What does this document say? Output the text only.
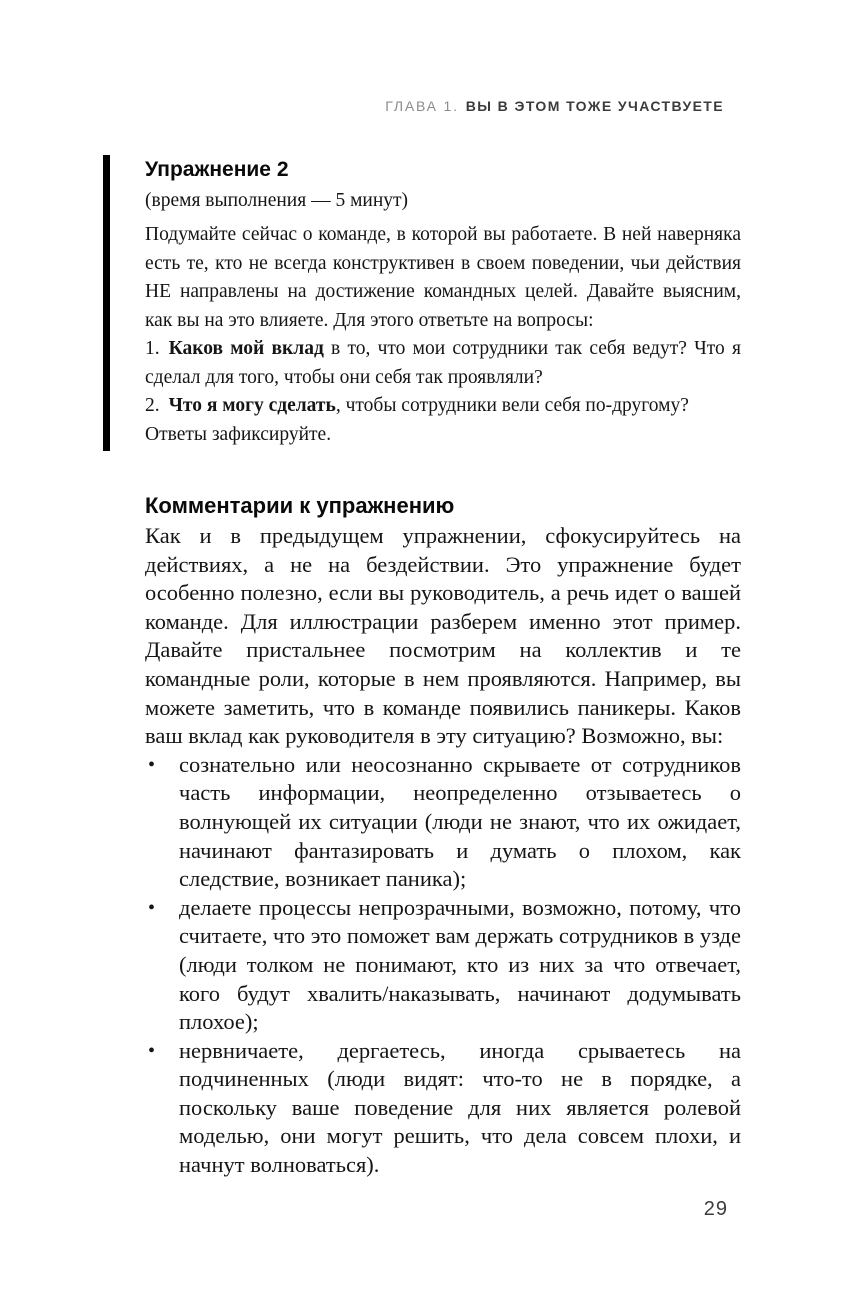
ГЛАВА 1. ВЫ В ЭТОМ ТОЖЕ УЧАСТВУЕТЕ
Упражнение 2

(время выполнения — 5 минут)

Подумайте сейчас о команде, в которой вы работаете. В ней наверняка есть те, кто не всегда конструктивен в своем поведении, чьи действия НЕ направлены на достижение командных целей. Давайте выясним, как вы на это влияете. Для этого ответьте на вопросы:

1. Каков мой вклад в то, что мои сотрудники так себя ведут? Что я сделал для того, чтобы они себя так проявляли?

2. Что я могу сделать, чтобы сотрудники вели себя по-другому?

Ответы зафиксируйте.

Комментарии к упражнению

Как и в предыдущем упражнении, сфокусируйтесь на действиях, а не на бездействии. Это упражнение будет особенно полезно, если вы руководитель, а речь идет о вашей команде. Для иллюстрации разберем именно этот пример. Давайте пристальнее посмотрим на коллектив и те командные роли, которые в нем проявляются. Например, вы можете заметить, что в команде появились паникеры. Каков ваш вклад как руководителя в эту ситуацию? Возможно, вы:

• сознательно или неосознанно скрываете от сотрудников часть информации, неопределенно отзываетесь о волнующей их ситуации (люди не знают, что их ожидает, начинают фантазировать и думать о плохом, как следствие, возникает паника);
• делаете процессы непрозрачными, возможно, потому, что считаете, что это поможет вам держать сотрудников в узде (люди толком не понимают, кто из них за что отвечает, кого будут хвалить/наказывать, начинают додумывать плохое);
• нервничаете, дергаетесь, иногда срываетесь на подчиненных (люди видят: что-то не в порядке, а поскольку ваше поведение для них является ролевой моделью, они могут решить, что дела совсем плохи, и начнут волноваться).
29
